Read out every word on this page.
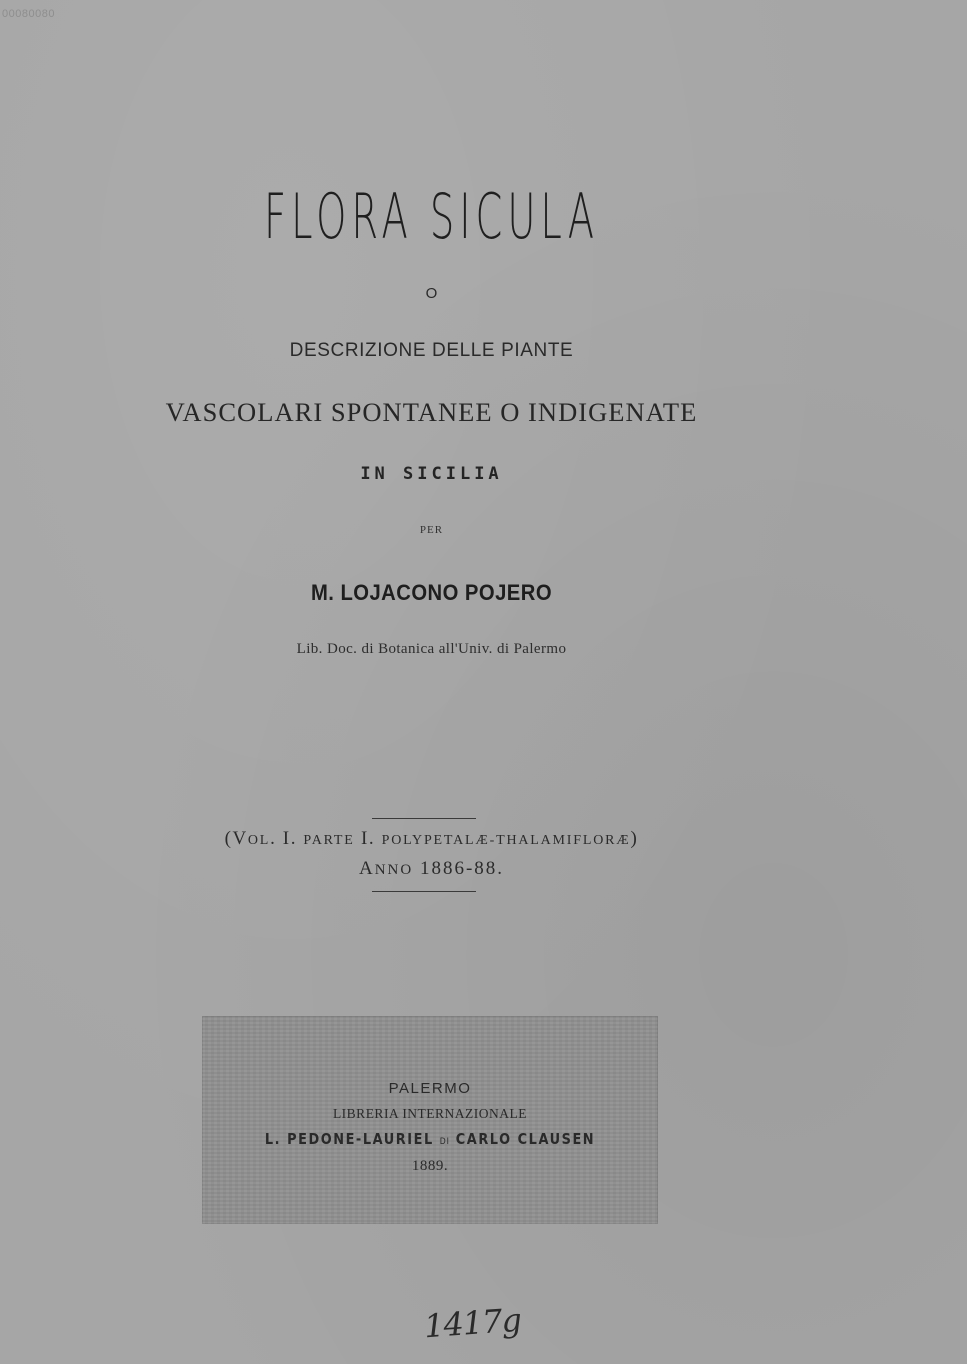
00080080
FLORA SICULA
O
DESCRIZIONE DELLE PIANTE
VASCOLARI SPONTANEE O INDIGENATE
IN SICILIA
PER
M. LOJACONO POJERO
Lib. Doc. di Botanica all'Univ. di Palermo
(VOL. I. PARTE I. POLYPETALÆ-THALAMIFLORÆ)
ANNO 1886-88.
PALERMO
LIBRERIA INTERNAZIONALE
L. PEDONE-LAURIEL DI CARLO CLAUSEN
1889.
1417g
